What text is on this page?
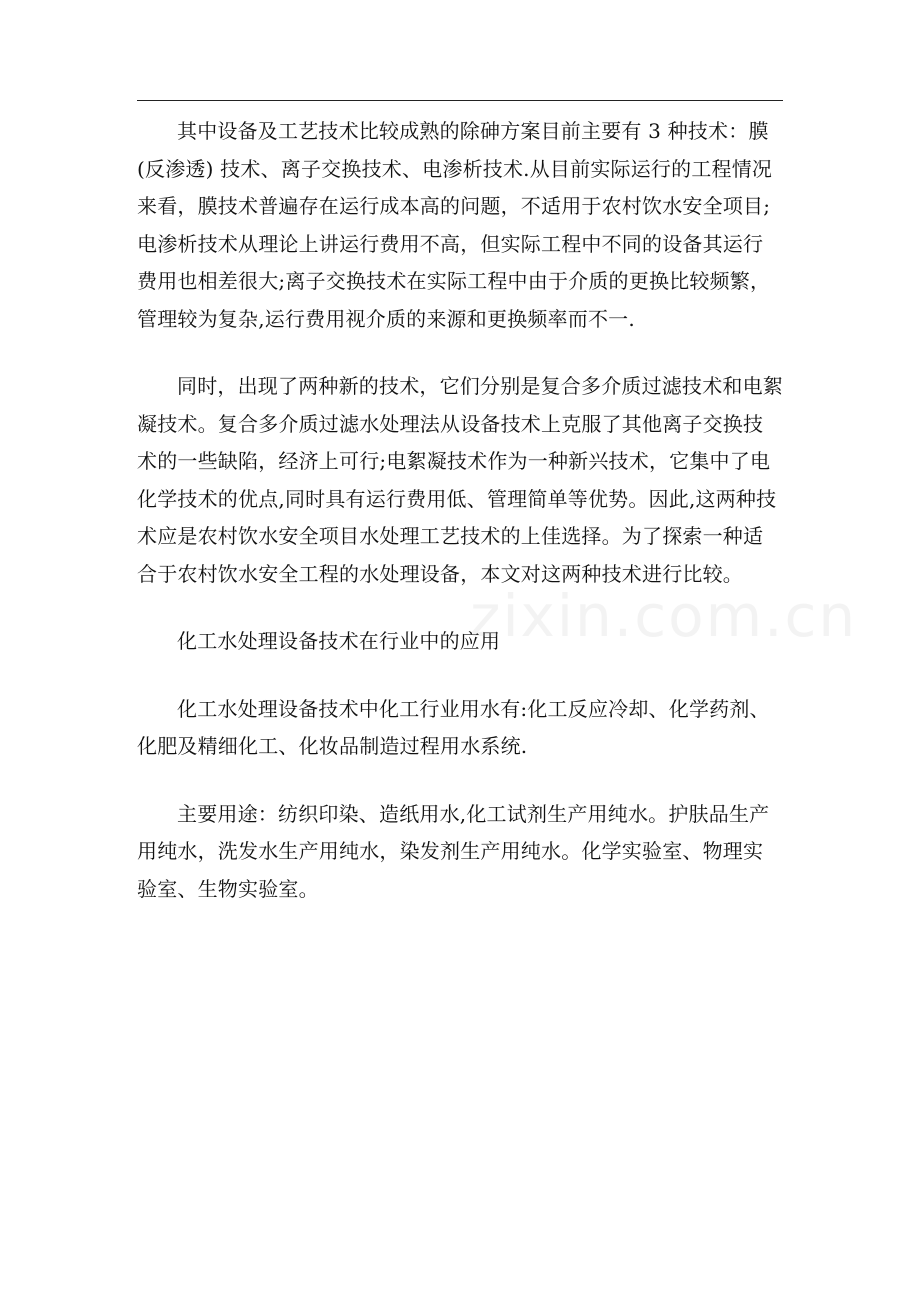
其中设备及工艺技术比较成熟的除砷方案目前主要有 3 种技术：膜(反渗透) 技术、离子交换技术、电渗析技术.从目前实际运行的工程情况来看，膜技术普遍存在运行成本高的问题，不适用于农村饮水安全项目;电渗析技术从理论上讲运行费用不高，但实际工程中不同的设备其运行费用也相差很大;离子交换技术在实际工程中由于介质的更换比较频繁，管理较为复杂,运行费用视介质的来源和更换频率而不一.

同时，出现了两种新的技术，它们分别是复合多介质过滤技术和电絮凝技术。复合多介质过滤水处理法从设备技术上克服了其他离子交换技术的一些缺陷，经济上可行;电絮凝技术作为一种新兴技术，它集中了电化学技术的优点,同时具有运行费用低、管理简单等优势。因此,这两种技术应是农村饮水安全项目水处理工艺技术的上佳选择。为了探索一种适合于农村饮水安全工程的水处理设备，本文对这两种技术进行比较。

化工水处理设备技术在行业中的应用

化工水处理设备技术中化工行业用水有:化工反应冷却、化学药剂、化肥及精细化工、化妆品制造过程用水系统.

主要用途：纺织印染、造纸用水,化工试剂生产用纯水。护肤品生产用纯水，洗发水生产用纯水，染发剂生产用纯水。化学实验室、物理实验室、生物实验室。

zixin.com.cn
